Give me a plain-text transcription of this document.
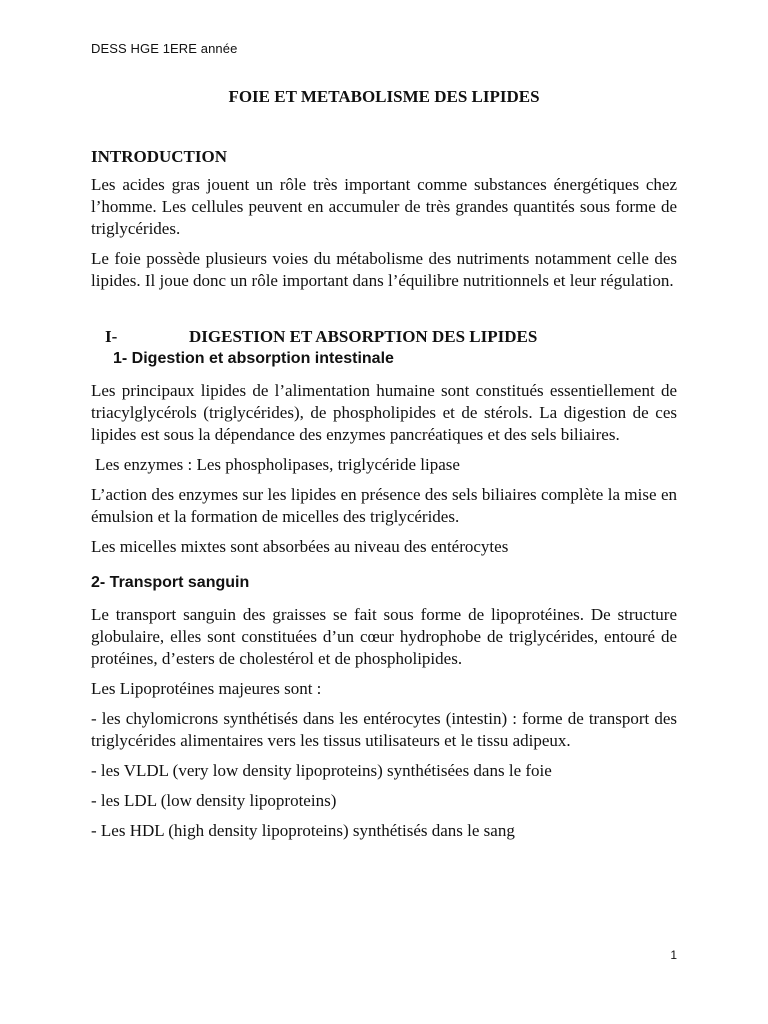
DESS HGE 1ERE année
FOIE ET METABOLISME DES LIPIDES
INTRODUCTION

Les acides gras jouent un rôle très important comme substances énergétiques chez l’homme. Les cellules peuvent en accumuler de très grandes quantités sous forme de triglycérides.

Le foie possède plusieurs voies du métabolisme des nutriments notamment celle des lipides. Il joue donc un rôle important dans l’équilibre nutritionnels et leur régulation.

I-	DIGESTION ET ABSORPTION DES LIPIDES
1- Digestion et absorption intestinale

Les principaux lipides de l’alimentation humaine sont constitués essentiellement de triacylglycérols (triglycérides), de phospholipides et de stérols. La digestion de ces lipides est sous la dépendance des enzymes pancréatiques et des sels biliaires.

Les enzymes : Les phospholipases, triglycéride lipase

L’action des enzymes sur les lipides en présence des sels biliaires complète la mise en émulsion et la formation de micelles des triglycérides.

Les micelles mixtes sont absorbées au niveau des entérocytes

2- Transport sanguin

Le transport sanguin des graisses se fait sous forme de lipoprotéines. De structure globulaire, elles sont constituées d’un cœur hydrophobe de triglycérides, entouré de protéines, d’esters de cholestérol et de phospholipides.

Les Lipoprotéines majeures sont :

- les chylomicrons synthétisés dans les entérocytes (intestin) : forme de transport des triglycérides alimentaires vers les tissus utilisateurs et le tissu adipeux.

- les VLDL (very low density lipoproteins) synthétisées dans le foie

- les LDL (low density lipoproteins)

- Les HDL (high density lipoproteins) synthétisés dans le sang

1
